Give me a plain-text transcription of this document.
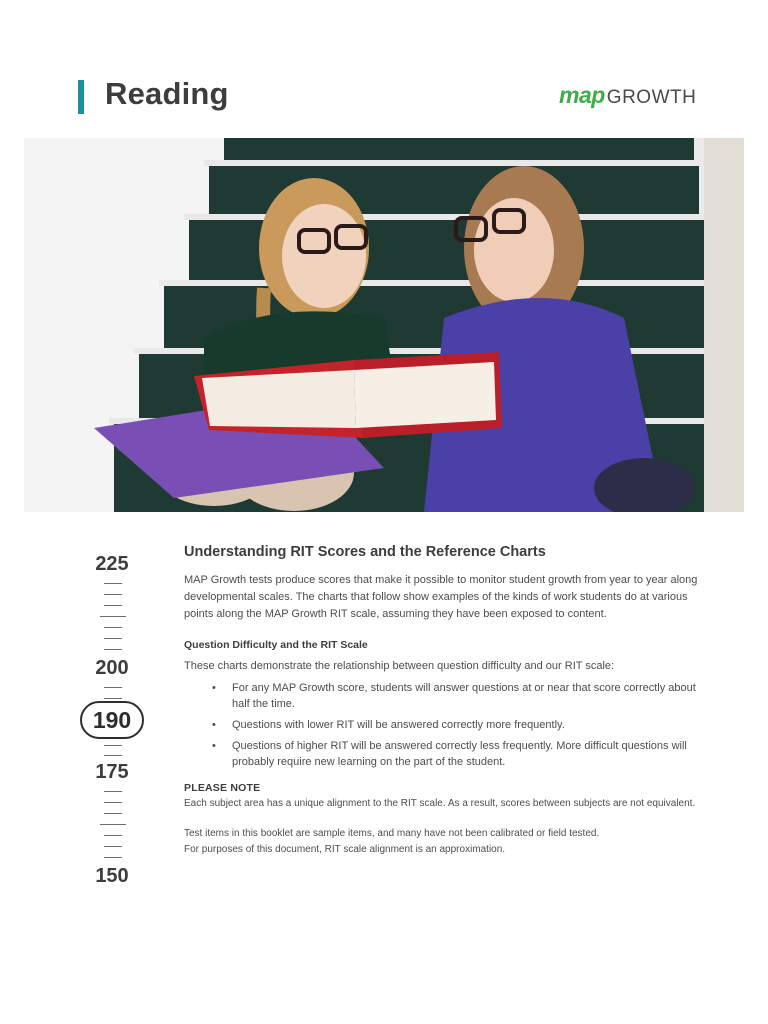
Reading	map GROWTH
225
200
190
175
150
Understanding RIT Scores and the Reference Charts

MAP Growth tests produce scores that make it possible to monitor student growth from year to year along developmental scales. The charts that follow show examples of the kinds of work students do at various points along the MAP Growth RIT scale, assuming they have been exposed to content.

Question Difficulty and the RIT Scale

These charts demonstrate the relationship between question difficulty and our RIT scale:

• For any MAP Growth score, students will answer questions at or near that score correctly about half the time.
• Questions with lower RIT will be answered correctly more frequently.
• Questions of higher RIT will be answered correctly less frequently. More difficult questions will probably require new learning on the part of the student.
PLEASE NOTE

Each subject area has a unique alignment to the RIT scale. As a result, scores between subjects are not equivalent.

Test items in this booklet are sample items, and many have not been calibrated or field tested.

For purposes of this document, RIT scale alignment is an approximation.
